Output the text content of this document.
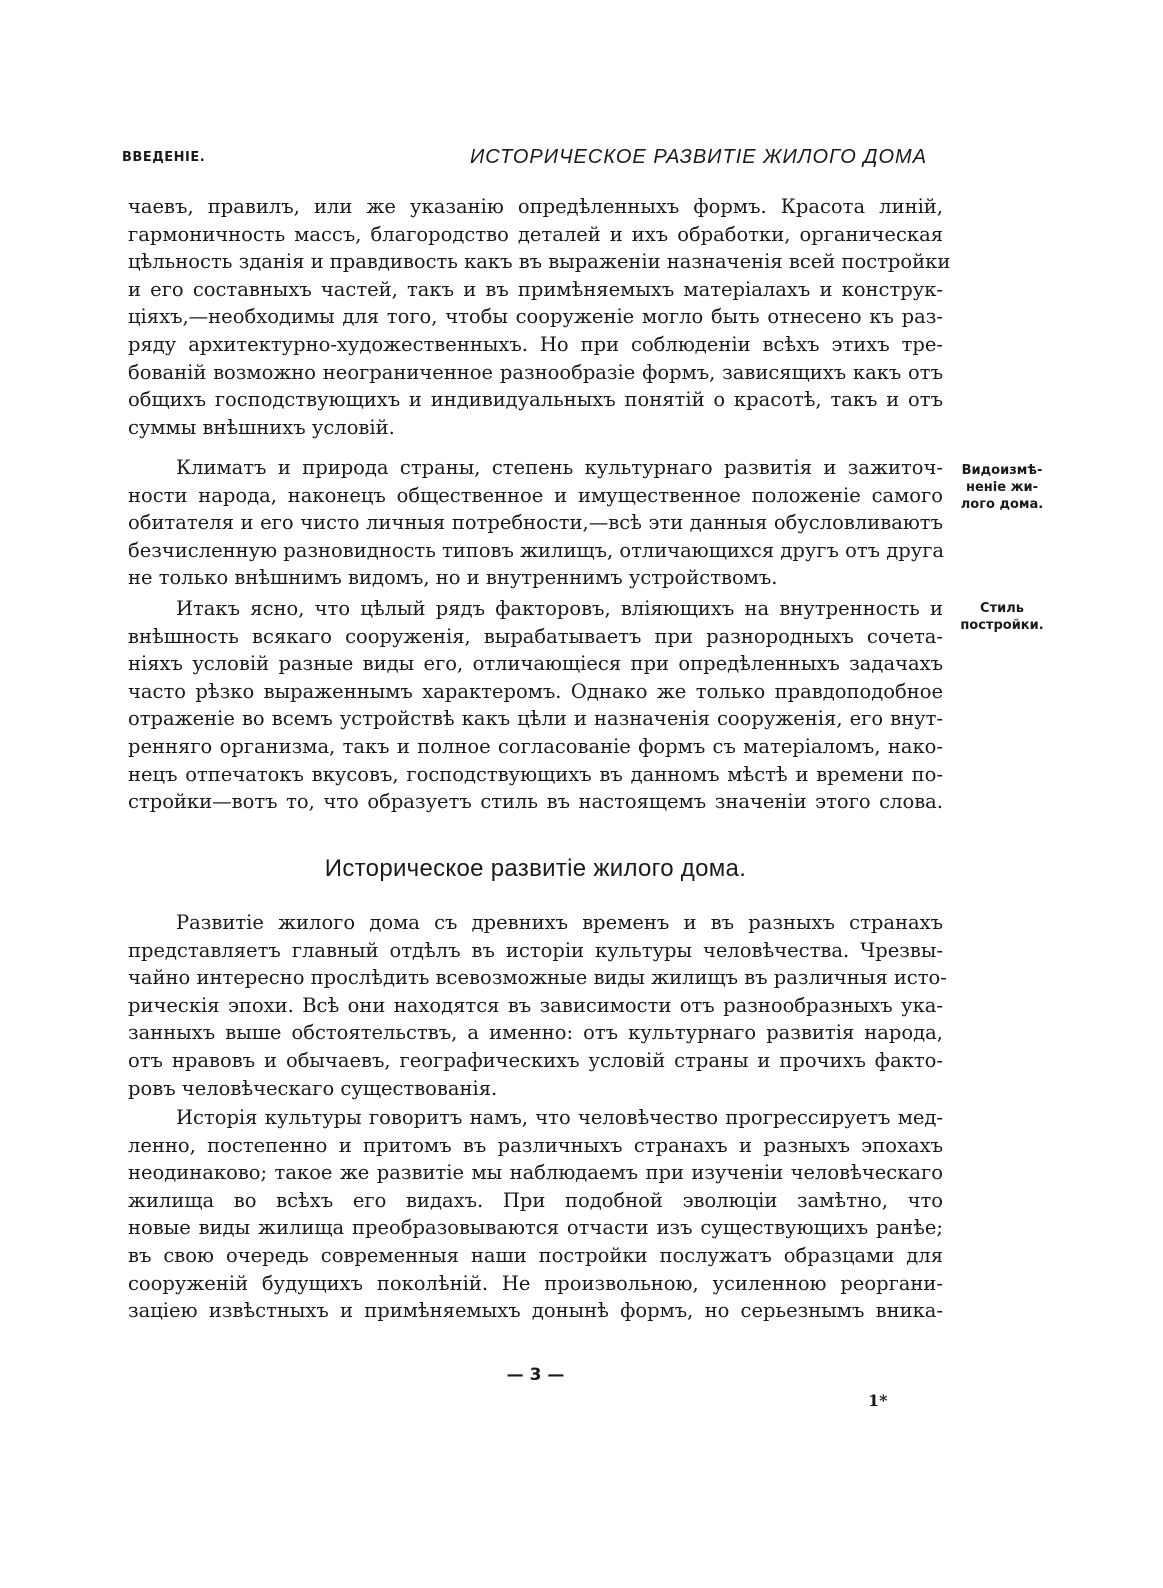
ВВЕДЕНІЕ.	ИСТОРИЧЕСКОЕ РАЗВИТІЕ ЖИЛОГО ДОМА
чаевъ, правилъ, или же указанію опредѣленныхъ формъ. Красота линій,
гармоничность массъ, благородство деталей и ихъ обработки, органическая
цѣльность зданія и правдивость какъ въ выраженіи назначенія всей постройки
и его составныхъ частей, такъ и въ примѣняемыхъ матеріалахъ и конструк-
ціяхъ,—необходимы для того, чтобы сооруженіе могло быть отнесено къ раз-
ряду архитектурно-художественныхъ. Но при соблюденіи всѣхъ этихъ тре-
бованій возможно неограниченное разнообразіе формъ, зависящихъ какъ отъ
общихъ господствующихъ и индивидуальныхъ понятій о красотѣ, такъ и отъ
суммы внѣшнихъ условій.
Климатъ и природа страны, степень культурнаго развитія и зажиточ-
ности народа, наконецъ общественное и имущественное положеніе самого
обитателя и его чисто личныя потребности,—всѣ эти данныя обусловливаютъ
безчисленную разновидность типовъ жилищъ, отличающихся другъ отъ друга
не только внѣшнимъ видомъ, но и внутреннимъ устройствомъ.
Видоизмѣ-
неніе жи-
лого дома.
Итакъ ясно, что цѣлый рядъ факторовъ, вліяющихъ на внутренность и
внѣшность всякаго сооруженія, вырабатываетъ при разнородныхъ сочета-
ніяхъ условій разные виды его, отличающіеся при опредѣленныхъ задачахъ
часто рѣзко выраженнымъ характеромъ. Однако же только правдоподобное
отраженіе во всемъ устройствѣ какъ цѣли и назначенія сооруженія, его внут-
ренняго организма, такъ и полное согласованіе формъ съ матеріаломъ, нако-
нецъ отпечатокъ вкусовъ, господствующихъ въ данномъ мѣстѣ и времени по-
стройки—вотъ то, что образуетъ стиль въ настоящемъ значеніи этого слова.
Стиль
постройки.
Историческое развитіе жилого дома.
Развитіе жилого дома съ древнихъ временъ и въ разныхъ странахъ
представляетъ главный отдѣлъ въ исторіи культуры человѣчества. Чрезвы-
чайно интересно прослѣдить всевозможные виды жилищъ въ различныя исто-
рическія эпохи. Всѣ они находятся въ зависимости отъ разнообразныхъ ука-
занныхъ выше обстоятельствъ, а именно: отъ культурнаго развитія народа,
отъ нравовъ и обычаевъ, географическихъ условій страны и прочихъ факто-
ровъ человѣческаго существованія.
Исторія культуры говоритъ намъ, что человѣчество прогрессируетъ мед-
ленно, постепенно и притомъ въ различныхъ странахъ и разныхъ эпохахъ
неодинаково; такое же развитіе мы наблюдаемъ при изученіи человѣческаго
жилища во всѣхъ его видахъ. При подобной эволюціи замѣтно, что
новые виды жилища преобразовываются отчасти изъ существующихъ ранѣе;
въ свою очередь современныя наши постройки послужатъ образцами для
сооруженій будущихъ поколѣній. Не произвольною, усиленною реоргани-
заціею извѣстныхъ и примѣняемыхъ донынѣ формъ, но серьезнымъ вника-
— 3 —
1*
